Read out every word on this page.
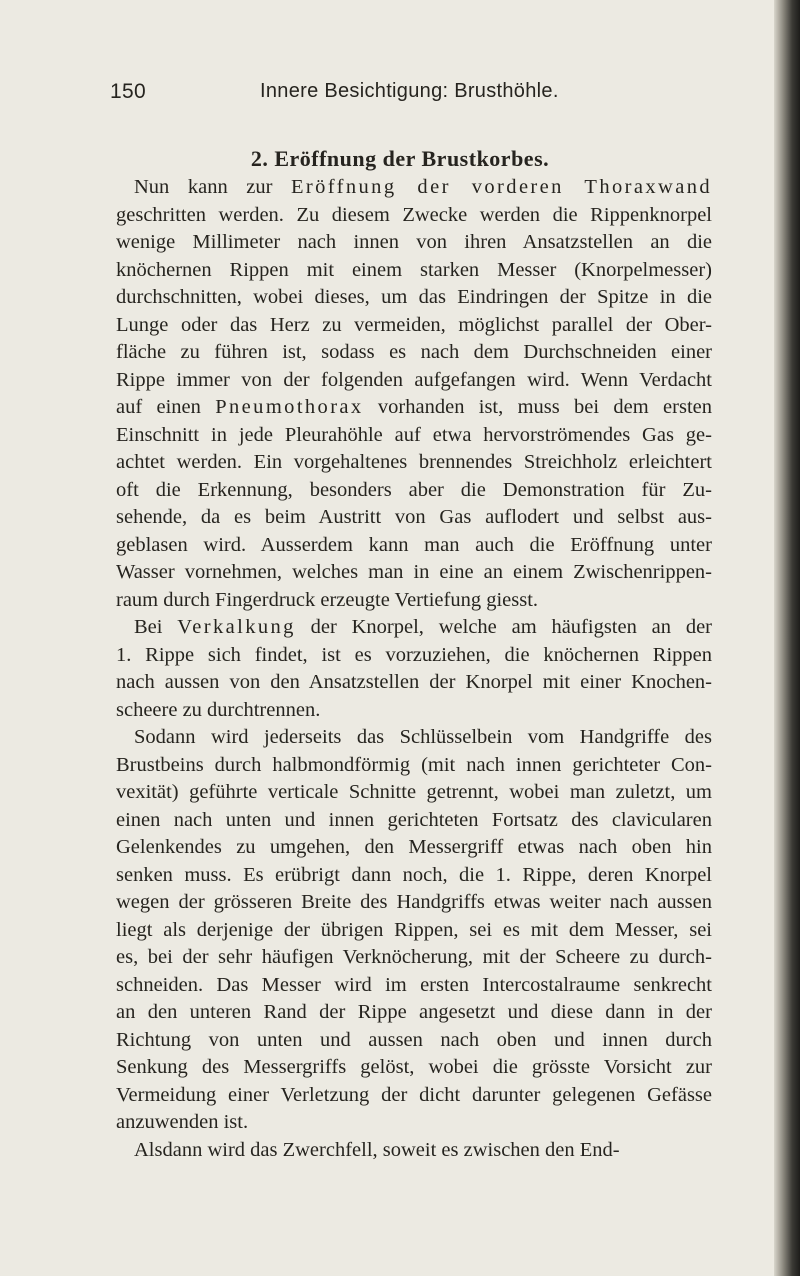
150	Innere Besichtigung: Brusthöhle.
2. Eröffnung der Brustkorbes.
Nun kann zur Eröffnung der vorderen Thoraxwand
geschritten werden. Zu diesem Zwecke werden die Rippenknorpel
wenige Millimeter nach innen von ihren Ansatzstellen an die
knöchernen Rippen mit einem starken Messer (Knorpelmesser)
durchschnitten, wobei dieses, um das Eindringen der Spitze in die
Lunge oder das Herz zu vermeiden, möglichst parallel der Ober-
fläche zu führen ist, sodass es nach dem Durchschneiden einer
Rippe immer von der folgenden aufgefangen wird. Wenn Verdacht
auf einen Pneumothorax vorhanden ist, muss bei dem ersten
Einschnitt in jede Pleurahöhle auf etwa hervorströmendes Gas ge-
achtet werden. Ein vorgehaltenes brennendes Streichholz erleichtert
oft die Erkennung, besonders aber die Demonstration für Zu-
sehende, da es beim Austritt von Gas auflodert und selbst aus-
geblasen wird. Ausserdem kann man auch die Eröffnung unter
Wasser vornehmen, welches man in eine an einem Zwischenrippen-
raum durch Fingerdruck erzeugte Vertiefung giesst.
Bei Verkalkung der Knorpel, welche am häufigsten an der
1. Rippe sich findet, ist es vorzuziehen, die knöchernen Rippen
nach aussen von den Ansatzstellen der Knorpel mit einer Knochen-
scheere zu durchtrennen.
Sodann wird jederseits das Schlüsselbein vom Handgriffe des
Brustbeins durch halbmondförmig (mit nach innen gerichteter Con-
vexität) geführte verticale Schnitte getrennt, wobei man zuletzt, um
einen nach unten und innen gerichteten Fortsatz des clavicularen
Gelenkendes zu umgehen, den Messergriff etwas nach oben hin
senken muss. Es erübrigt dann noch, die 1. Rippe, deren Knorpel
wegen der grösseren Breite des Handgriffs etwas weiter nach aussen
liegt als derjenige der übrigen Rippen, sei es mit dem Messer, sei
es, bei der sehr häufigen Verknöcherung, mit der Scheere zu durch-
schneiden. Das Messer wird im ersten Intercostalraume senkrecht
an den unteren Rand der Rippe angesetzt und diese dann in der
Richtung von unten und aussen nach oben und innen durch
Senkung des Messergriffs gelöst, wobei die grösste Vorsicht zur
Vermeidung einer Verletzung der dicht darunter gelegenen Gefässe
anzuwenden ist.
Alsdann wird das Zwerchfell, soweit es zwischen den End-
